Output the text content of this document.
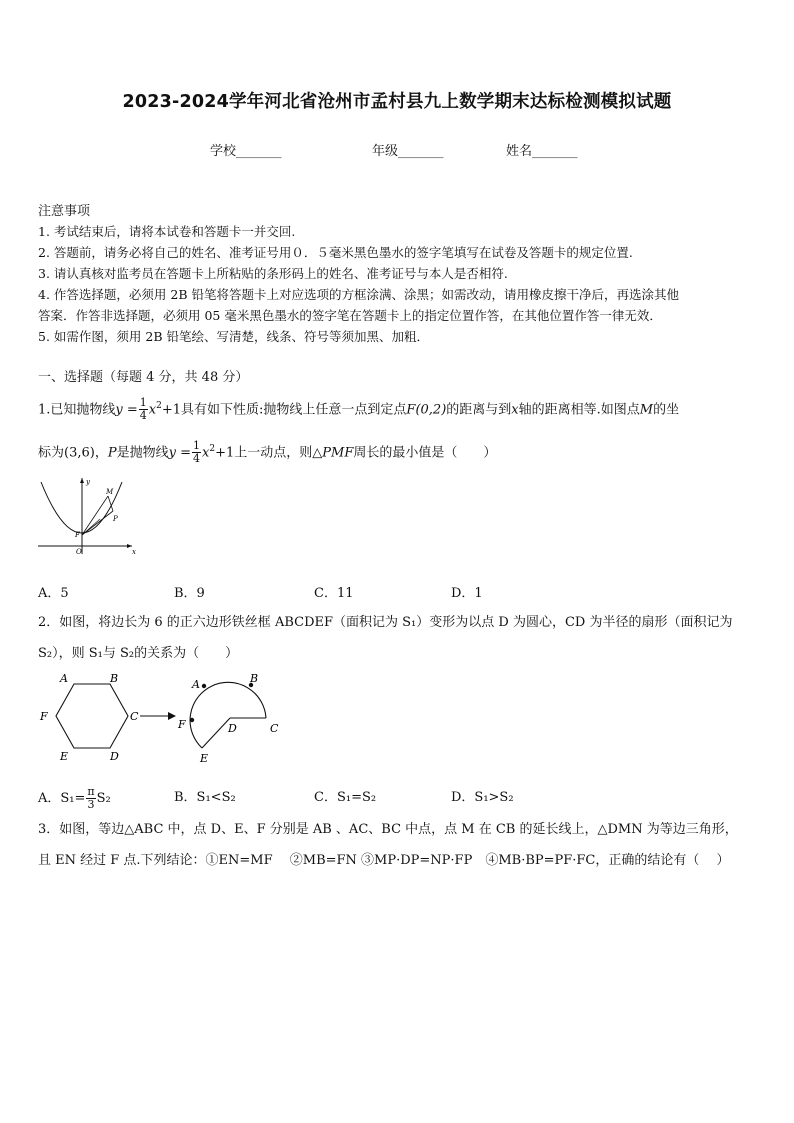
2023-2024学年河北省沧州市孟村县九上数学期末达标检测模拟试题
学校_______	年级_______	姓名_______
注意事项
1. 考试结束后，请将本试卷和答题卡一并交回.
2. 答题前，请务必将自己的姓名、准考证号用０．５毫米黑色墨水的签字笔填写在试卷及答题卡的规定位置.
3. 请认真核对监考员在答题卡上所粘贴的条形码上的姓名、准考证号与本人是否相符.
4. 作答选择题，必须用 2B 铅笔将答题卡上对应选项的方框涂满、涂黑；如需改动，请用橡皮擦干净后，再选涂其他
答案．作答非选择题，必须用 05 毫米黑色墨水的签字笔在答题卡上的指定位置作答，在其他位置作答一律无效．
5. 如需作图，须用 2B 铅笔绘、写清楚，线条、符号等须加黑、加粗．
一、选择题（每题 4 分，共 48 分）
1.已知抛物线$y = \frac{1}{4} x^2+1$具有如下性质:抛物线上任意一点到定点F(0,2)的距离与到x轴的距离相等.如图点M的坐
标为(3,6)，P是抛物线$y = \frac{1}{4} x^2+1$上一动点，则△PMF周长的最小值是（　　）
y
x
M
P
F
O
A．5	B．9	C．11	D．1
2．如图，将边长为 6 的正六边形铁丝框 ABCDEF（面积记为 S₁）变形为以点 D 为圆心，CD 为半径的扇形（面积记为
S₂），则 S₁与 S₂的关系为（　　）
A	B
C
D
E
F
A	B
C
D
E
F
A．$S_1= \frac{\pi}{3} S_2$	B．S₁<S₂	C．S₁=S₂	D．S₁>S₂
3．如图，等边△ABC 中，点 D、E、F 分别是 AB 、AC、BC 中点，点 M 在 CB 的延长线上，△DMN 为等边三角形，
且 EN 经过 F 点.下列结论：①EN=MF　 ②MB=FN ③MP·DP=NP·FP　④MB·BP=PF·FC，正确的结论有（　 ）
